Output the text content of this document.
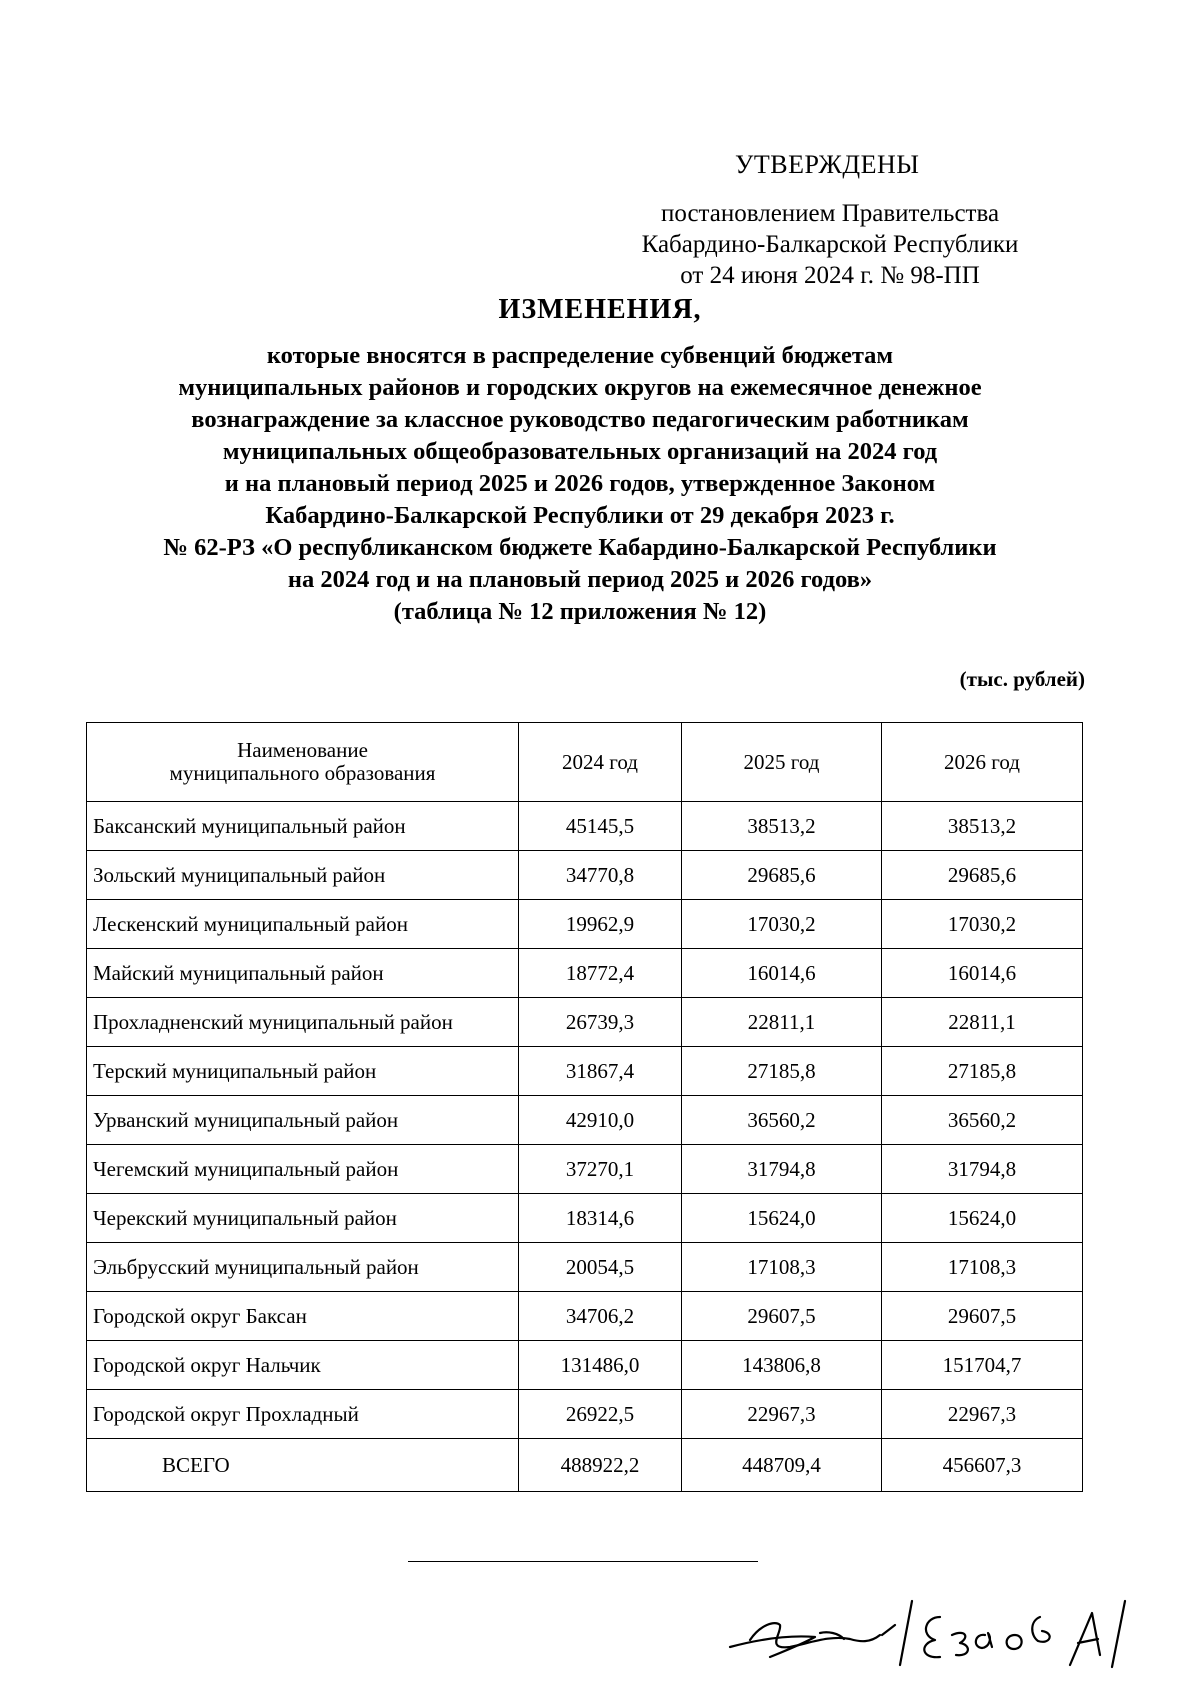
УТВЕРЖДЕНЫ
постановлением Правительства
Кабардино-Балкарской Республики
от 24 июня 2024 г. № 98-ПП
ИЗМЕНЕНИЯ,
которые вносятся в распределение субвенций бюджетам
муниципальных районов и городских округов на ежемесячное денежное
вознаграждение за классное руководство педагогическим работникам
муниципальных общеобразовательных организаций на 2024 год
и на плановый период 2025 и 2026 годов, утвержденное Законом
Кабардино-Балкарской Республики от 29 декабря 2023 г.
№ 62-РЗ «О республиканском бюджете Кабардино-Балкарской Республики
на 2024 год и на плановый период 2025 и 2026 годов»
(таблица № 12 приложения № 12)
(тыс. рублей)
Наименование
муниципального образования	2024 год	2025 год	2026 год
Баксанский муниципальный район	45145,5	38513,2	38513,2
Зольский муниципальный район	34770,8	29685,6	29685,6
Лескенский муниципальный район	19962,9	17030,2	17030,2
Майский муниципальный район	18772,4	16014,6	16014,6
Прохладненский муниципальный район	26739,3	22811,1	22811,1
Терский муниципальный район	31867,4	27185,8	27185,8
Урванский муниципальный район	42910,0	36560,2	36560,2
Чегемский муниципальный район	37270,1	31794,8	31794,8
Черекский муниципальный район	18314,6	15624,0	15624,0
Эльбрусский муниципальный район	20054,5	17108,3	17108,3
Городской округ Баксан	34706,2	29607,5	29607,5
Городской округ Нальчик	131486,0	143806,8	151704,7
Городской округ Прохладный	26922,5	22967,3	22967,3
ВСЕГО	488922,2	448709,4	456607,3
